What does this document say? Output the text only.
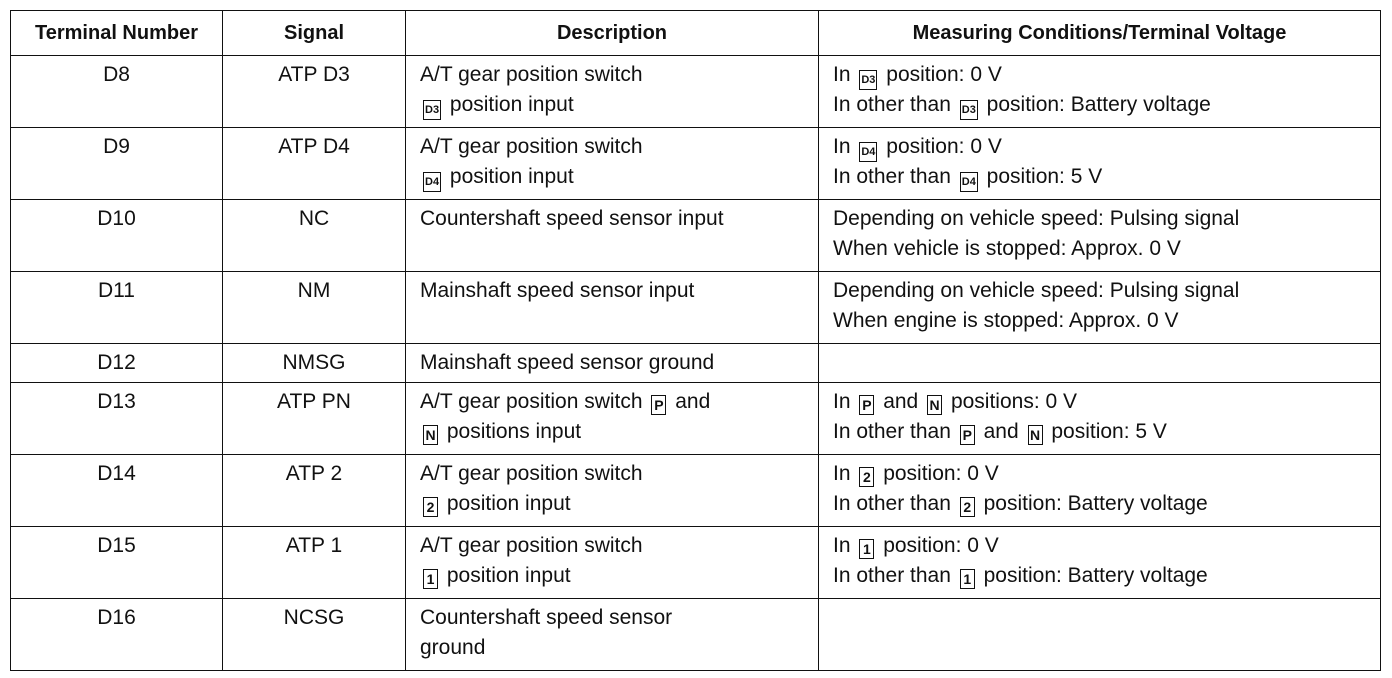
Terminal Number	Signal	Description	Measuring Conditions/Terminal Voltage
D8	ATP D3	A/T gear position switch
D3 position input	In D3 position: 0 V
In other than D3 position: Battery voltage

D9	ATP D4	A/T gear position switch
D4 position input	In D4 position: 0 V
In other than D4 position: 5 V

D10	NC	Countershaft speed sensor input	Depending on vehicle speed: Pulsing signal
When vehicle is stopped: Approx. 0 V

D11	NM	Mainshaft speed sensor input	Depending on vehicle speed: Pulsing signal
When engine is stopped: Approx. 0 V

D12	NMSG	Mainshaft speed sensor ground	

D13	ATP PN	A/T gear position switch P and
N positions input	In P and N positions: 0 V
In other than P and N position: 5 V

D14	ATP 2	A/T gear position switch
2 position input	In 2 position: 0 V
In other than 2 position: Battery voltage

D15	ATP 1	A/T gear position switch
1 position input	In 1 position: 0 V
In other than 1 position: Battery voltage

D16	NCSG	Countershaft speed sensor
ground	
